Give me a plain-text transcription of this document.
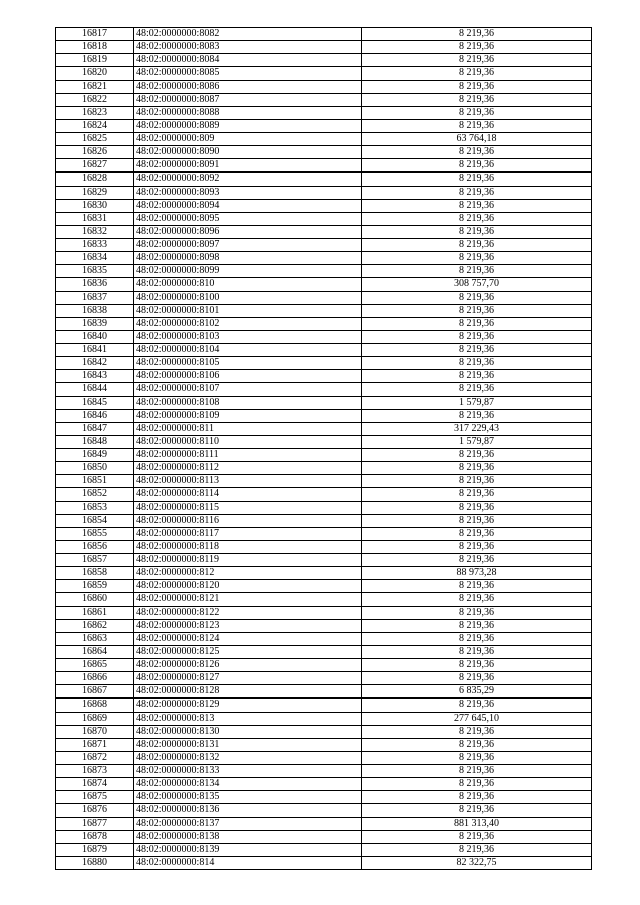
16817	48:02:0000000:8082	8 219,36
16818	48:02:0000000:8083	8 219,36
16819	48:02:0000000:8084	8 219,36
16820	48:02:0000000:8085	8 219,36
16821	48:02:0000000:8086	8 219,36
16822	48:02:0000000:8087	8 219,36
16823	48:02:0000000:8088	8 219,36
16824	48:02:0000000:8089	8 219,36
16825	48:02:0000000:809	63 764,18
16826	48:02:0000000:8090	8 219,36
16827	48:02:0000000:8091	8 219,36
16828	48:02:0000000:8092	8 219,36
16829	48:02:0000000:8093	8 219,36
16830	48:02:0000000:8094	8 219,36
16831	48:02:0000000:8095	8 219,36
16832	48:02:0000000:8096	8 219,36
16833	48:02:0000000:8097	8 219,36
16834	48:02:0000000:8098	8 219,36
16835	48:02:0000000:8099	8 219,36
16836	48:02:0000000:810	308 757,70
16837	48:02:0000000:8100	8 219,36
16838	48:02:0000000:8101	8 219,36
16839	48:02:0000000:8102	8 219,36
16840	48:02:0000000:8103	8 219,36
16841	48:02:0000000:8104	8 219,36
16842	48:02:0000000:8105	8 219,36
16843	48:02:0000000:8106	8 219,36
16844	48:02:0000000:8107	8 219,36
16845	48:02:0000000:8108	1 579,87
16846	48:02:0000000:8109	8 219,36
16847	48:02:0000000:811	317 229,43
16848	48:02:0000000:8110	1 579,87
16849	48:02:0000000:8111	8 219,36
16850	48:02:0000000:8112	8 219,36
16851	48:02:0000000:8113	8 219,36
16852	48:02:0000000:8114	8 219,36
16853	48:02:0000000:8115	8 219,36
16854	48:02:0000000:8116	8 219,36
16855	48:02:0000000:8117	8 219,36
16856	48:02:0000000:8118	8 219,36
16857	48:02:0000000:8119	8 219,36
16858	48:02:0000000:812	88 973,28
16859	48:02:0000000:8120	8 219,36
16860	48:02:0000000:8121	8 219,36
16861	48:02:0000000:8122	8 219,36
16862	48:02:0000000:8123	8 219,36
16863	48:02:0000000:8124	8 219,36
16864	48:02:0000000:8125	8 219,36
16865	48:02:0000000:8126	8 219,36
16866	48:02:0000000:8127	8 219,36
16867	48:02:0000000:8128	6 835,29
16868	48:02:0000000:8129	8 219,36
16869	48:02:0000000:813	277 645,10
16870	48:02:0000000:8130	8 219,36
16871	48:02:0000000:8131	8 219,36
16872	48:02:0000000:8132	8 219,36
16873	48:02:0000000:8133	8 219,36
16874	48:02:0000000:8134	8 219,36
16875	48:02:0000000:8135	8 219,36
16876	48:02:0000000:8136	8 219,36
16877	48:02:0000000:8137	881 313,40
16878	48:02:0000000:8138	8 219,36
16879	48:02:0000000:8139	8 219,36
16880	48:02:0000000:814	82 322,75
